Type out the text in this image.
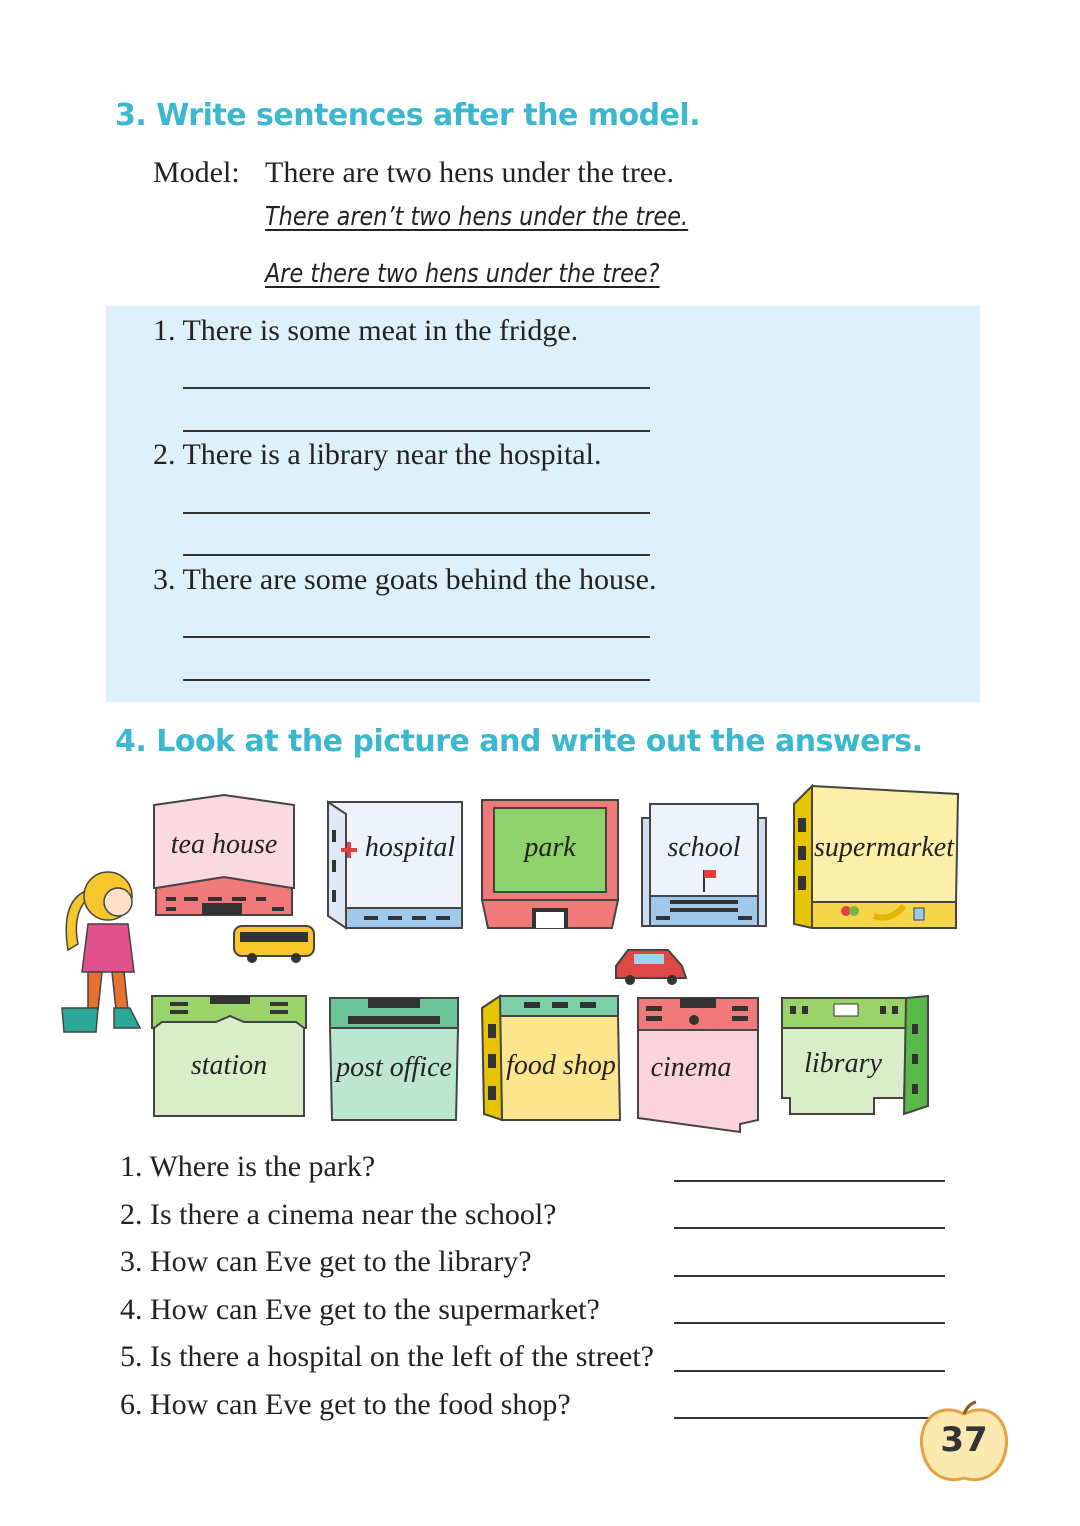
3. Write sentences after the model.
Model: There are two hens under the tree.
There aren’t two hens under the tree.
Are there two hens under the tree?
1. There is some meat in the fridge.
2. There is a library near the hospital.
3. There are some goats behind the house.
4. Look at the picture and write out the answers.
tea house	hospital	park	school	supermarket
station	post office	food shop	cinema	library
1. Where is the park?
2. Is there a cinema near the school?
3. How can Eve get to the library?
4. How can Eve get to the supermarket?
5. Is there a hospital on the left of the street?
6. How can Eve get to the food shop?
37
